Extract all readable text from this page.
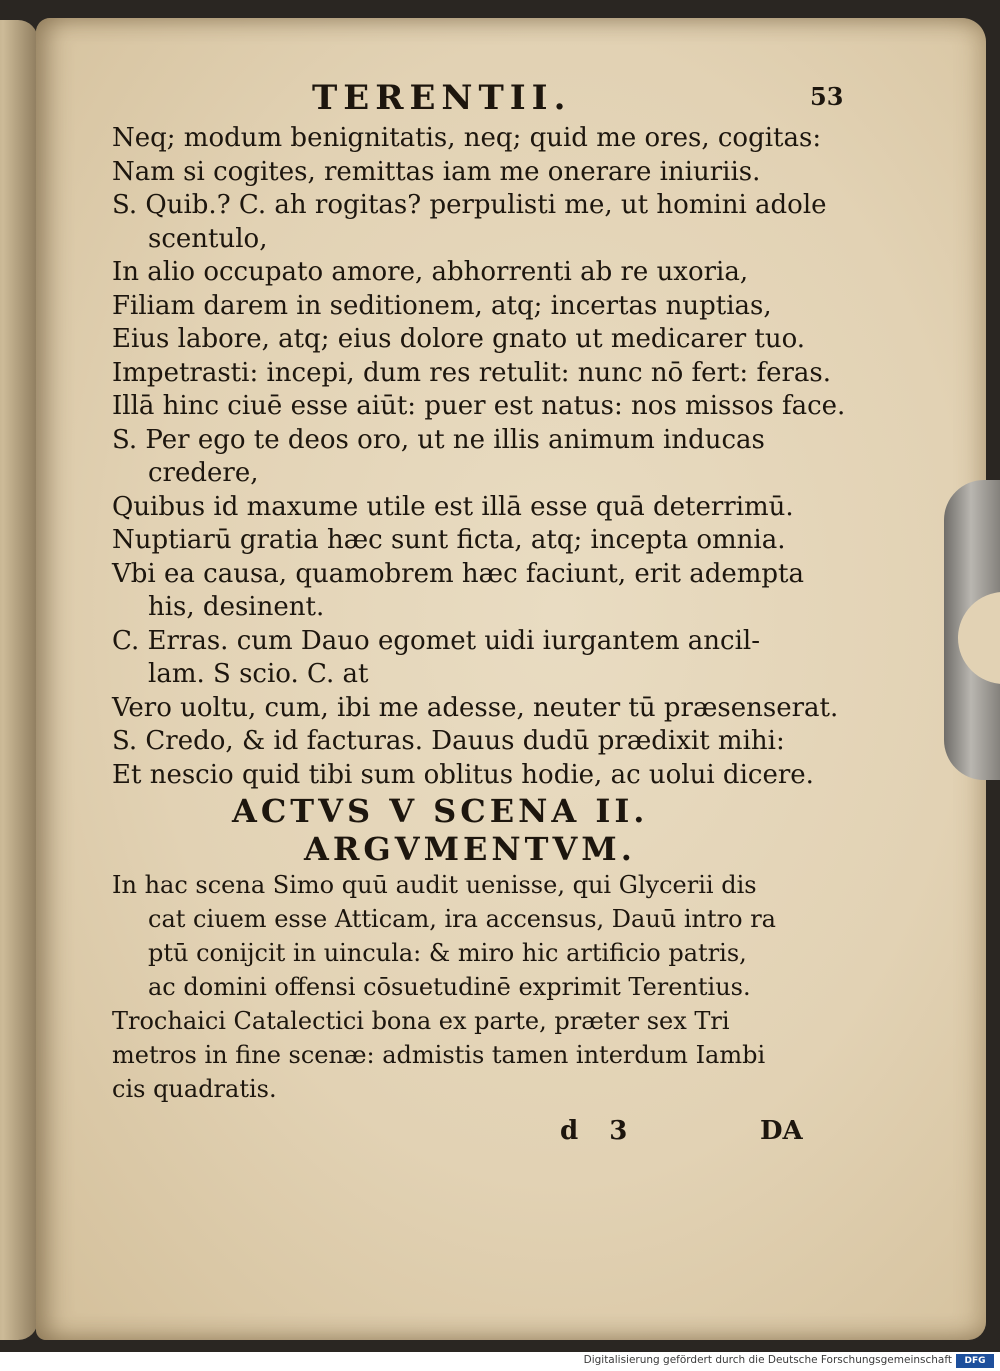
TERENTII.	53
Neq; modum benignitatis, neq; quid me ores, cogitas:
Nam si cogites, remittas iam me onerare iniuriis.
S. Quib.? C. ah rogitas? perpulisti me, ut homini adole
scentulo,
In alio occupato amore, abhorrenti ab re uxoria,
Filiam darem in seditionem, atq; incertas nuptias,
Eius labore, atq; eius dolore gnato ut medicarer tuo.
Impetrasti: incepi, dum res retulit: nunc nō fert: feras.
Illā hinc ciuē esse aiūt: puer est natus: nos missos face.
S. Per ego te deos oro, ut ne illis animum inducas
credere,
Quibus id maxume utile est illā esse quā deterrimū.
Nuptiarū gratia hæc sunt ficta, atq; incepta omnia.
Vbi ea causa, quamobrem hæc faciunt, erit adempta
his, desinent.
C. Erras. cum Dauo egomet uidi iurgantem ancil-
lam. S scio. C. at
Vero uoltu, cum, ibi me adesse, neuter tū præsenserat.
S. Credo, & id facturas. Dauus dudū prædixit mihi:
Et nescio quid tibi sum oblitus hodie, ac uolui dicere.
ACTVS V SCENA II.
ARGVMENTVM.
In hac scena Simo quū audit uenisse, qui Glycerii dis
cat ciuem esse Atticam, ira accensus, Dauū intro ra
ptū conijcit in uincula: & miro hic artificio patris,
ac domini offensi cōsuetudinē exprimit Terentius.
Trochaici Catalectici bona ex parte, præter sex Tri
metros in fine scenæ: admistis tamen interdum Iambi
cis quadratis.
d 3	DA
Digitalisierung gefördert durch die Deutsche Forschungsgemeinschaft	DFG
